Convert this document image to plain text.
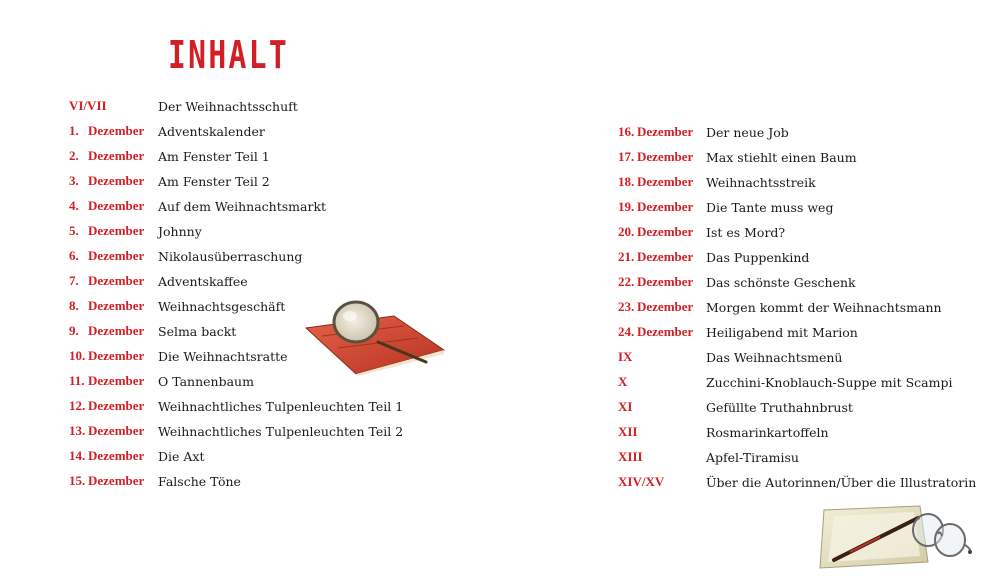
INHALT
VI/VII	Der Weihnachtsschuft
1. Dezember Adventskalender
2. Dezember Am Fenster Teil 1
3. Dezember Am Fenster Teil 2
4. Dezember Auf dem Weihnachtsmarkt
5. Dezember Johnny
6. Dezember Nikolausüberraschung
7. Dezember Adventskaffee
8. Dezember Weihnachtsgeschäft
9. Dezember Selma backt
10. Dezember Die Weihnachtsratte
11. Dezember O Tannenbaum
12. Dezember Weihnachtliches Tulpenleuchten Teil 1
13. Dezember Weihnachtliches Tulpenleuchten Teil 2
14. Dezember Die Axt
15. Dezember Falsche Töne
16. Dezember Der neue Job
17. Dezember Max stiehlt einen Baum
18. Dezember Weihnachtsstreik
19. Dezember Die Tante muss weg
20. Dezember Ist es Mord?
21. Dezember Das Puppenkind
22. Dezember Das schönste Geschenk
23. Dezember Morgen kommt der Weihnachtsmann
24. Dezember Heiligabend mit Marion
IX	Das Weihnachtsmenü
X	Zucchini-Knoblauch-Suppe mit Scampi
XI	Gefüllte Truthahnbrust
XII	Rosmarinkartoffeln
XIII	Apfel-Tiramisu
XIV/XV	Über die Autorinnen/Über die Illustratorin
